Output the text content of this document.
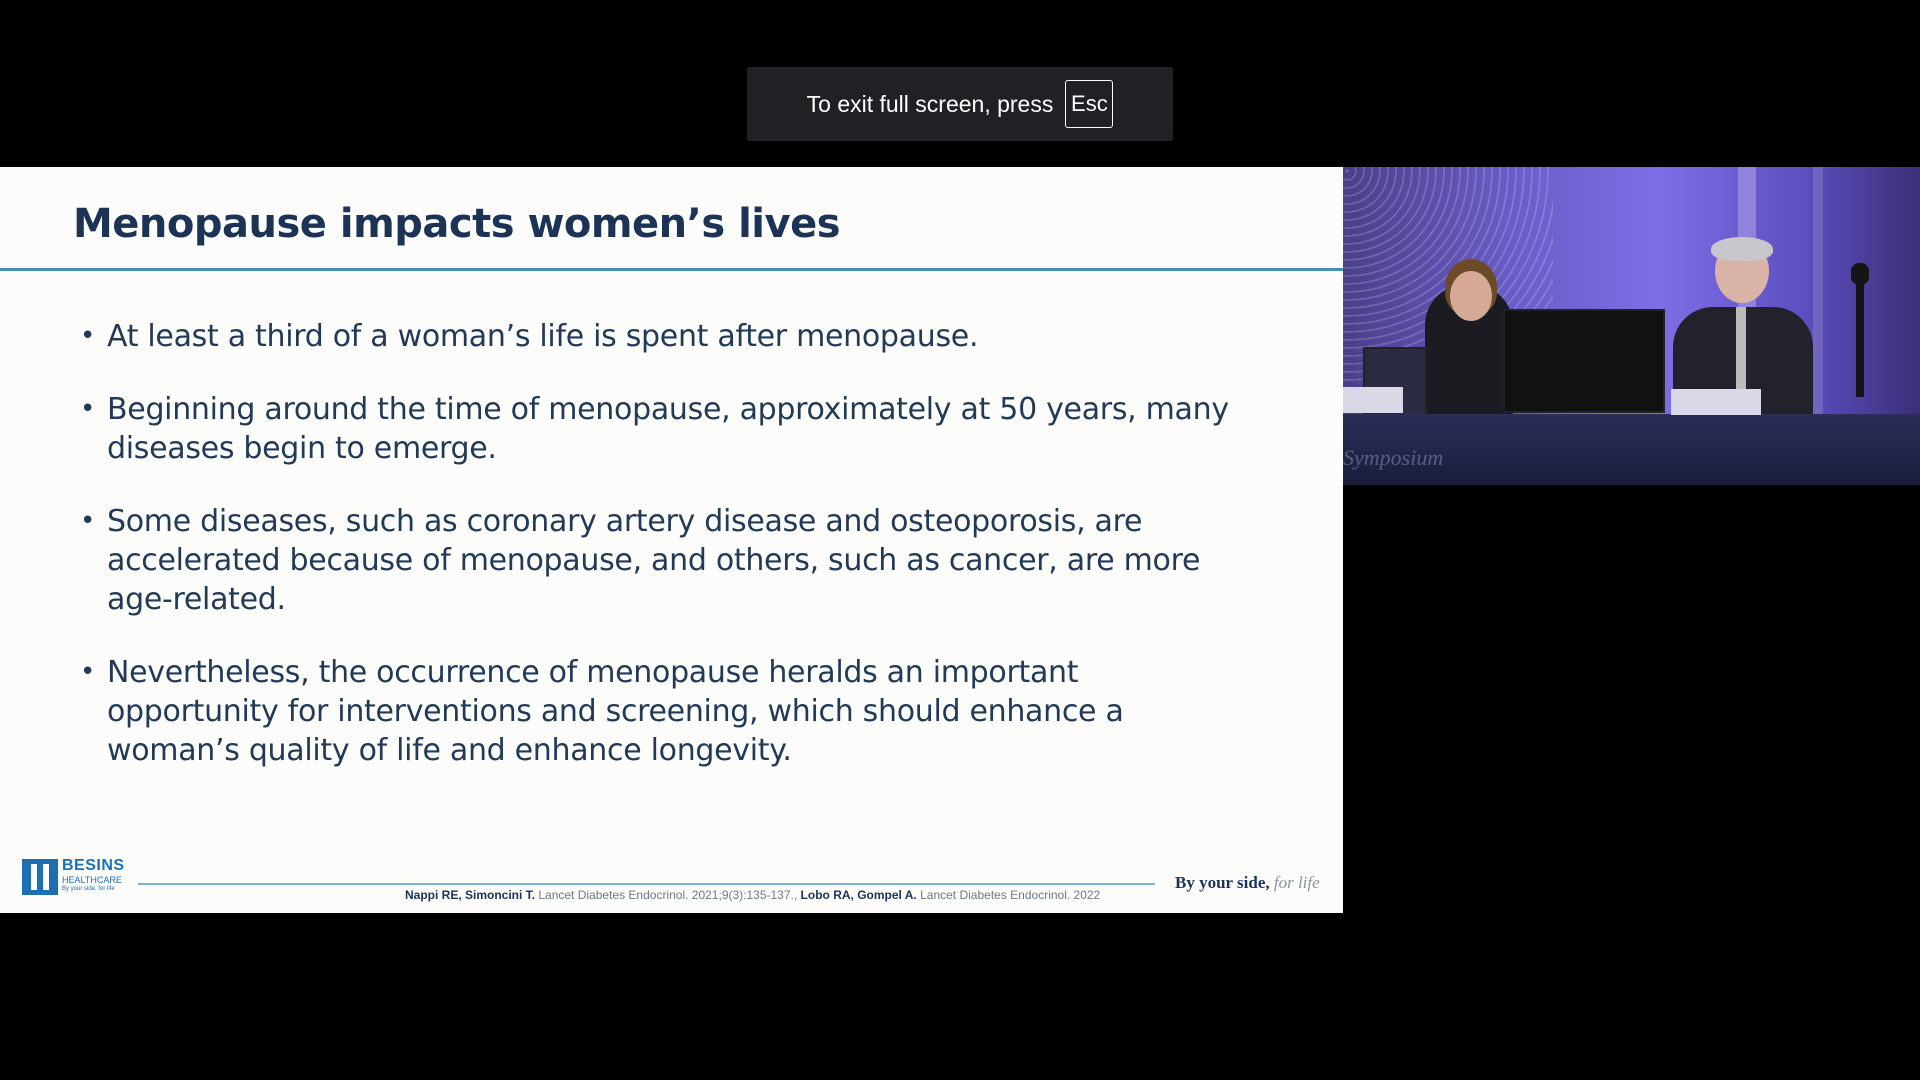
To exit full screen, press Esc
Menopause impacts women’s lives
• At least a third of a woman’s life is spent after menopause.
• Beginning around the time of menopause, approximately at 50 years, many diseases begin to emerge.
• Some diseases, such as coronary artery disease and osteoporosis, are accelerated because of menopause, and others, such as cancer, are more age-related.
• Nevertheless, the occurrence of menopause heralds an important opportunity for interventions and screening, which should enhance a woman’s quality of life and enhance longevity.
BESINS
HEALTHCARE
By your side, for life	Nappi RE, Simoncini T. Lancet Diabetes Endocrinol. 2021;9(3):135-137., Lobo RA, Gompel A. Lancet Diabetes Endocrinol. 2022
By your side, for life
Symposium
